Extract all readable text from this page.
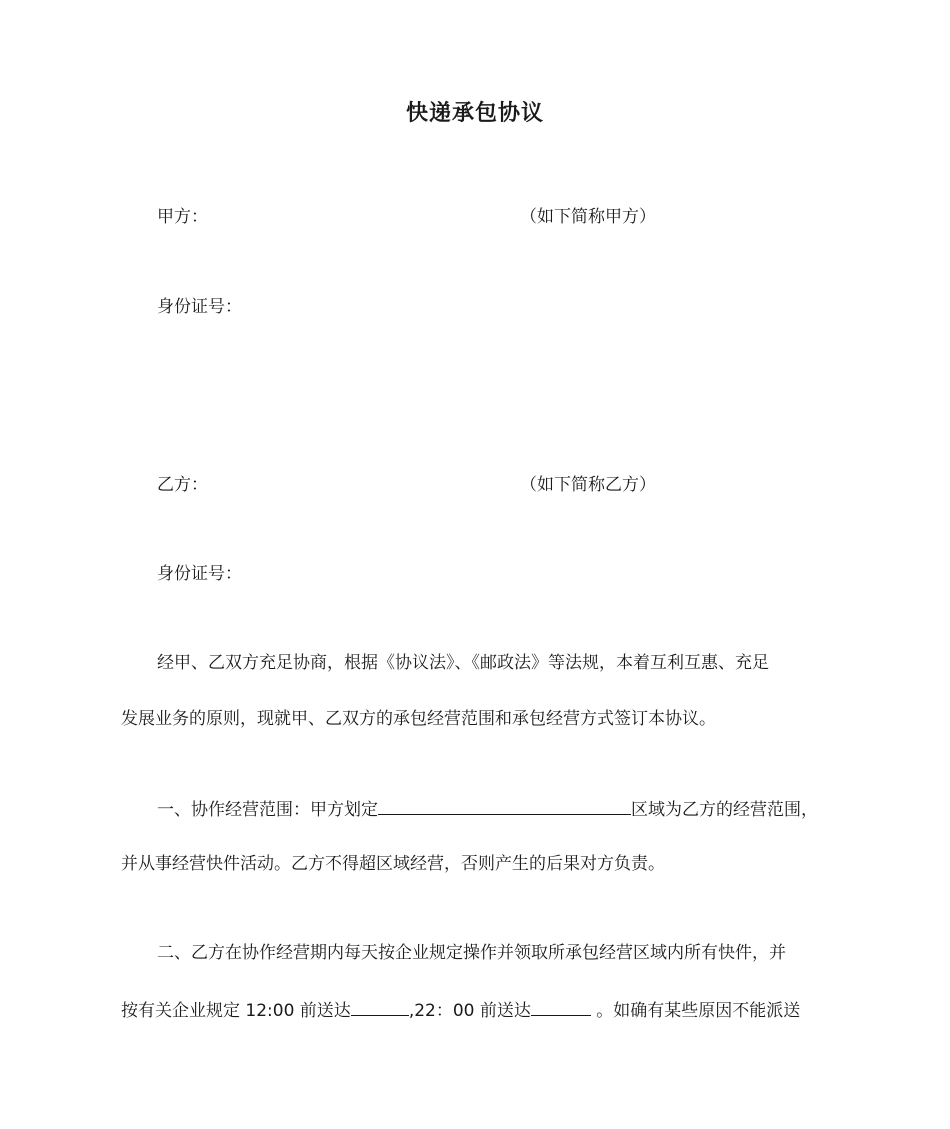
快递承包协议
甲方：	（如下简称甲方）
身份证号：
乙方：	（如下简称乙方）
身份证号：
经甲、乙双方充足协商，根据《协议法》、《邮政法》等法规，本着互利互惠、充足
发展业务的原则，现就甲、乙双方的承包经营范围和承包经营方式签订本协议。
一、协作经营范围：甲方划定	区域为乙方的经营范围，
并从事经营快件活动。乙方不得超区域经营，否则产生的后果对方负责。
二、乙方在协作经营期内每天按企业规定操作并领取所承包经营区域内所有快件，并
按有关企业规定 12:00 前送达	,22：00 前送达	。如确有某些原因不能派送
